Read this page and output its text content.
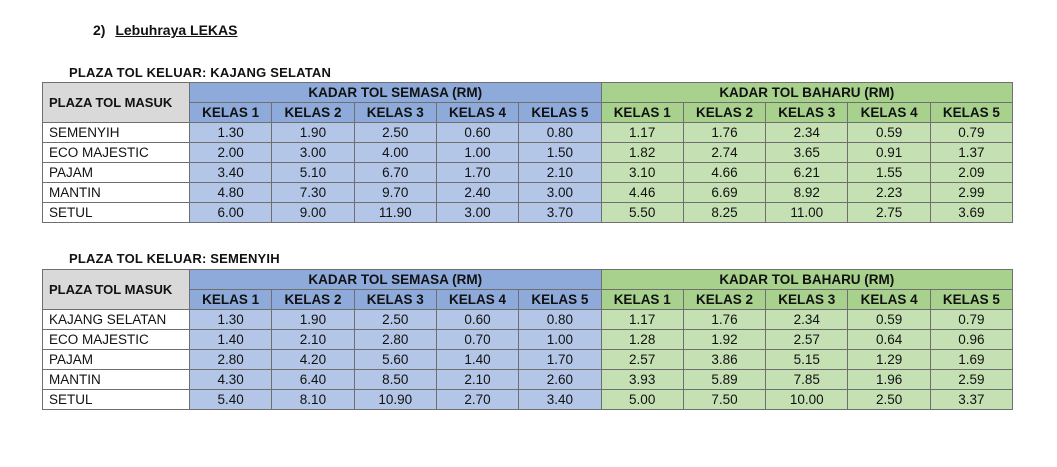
2) Lebuhraya LEKAS
PLAZA TOL KELUAR: KAJANG SELATAN
PLAZA TOL MASUK	KADAR TOL SEMASA (RM)					KADAR TOL BAHARU (RM)				
	KELAS 1	KELAS 2	KELAS 3	KELAS 4	KELAS 5	KELAS 1	KELAS 2	KELAS 3	KELAS 4	KELAS 5
SEMENYIH	1.30	1.90	2.50	0.60	0.80	1.17	1.76	2.34	0.59	0.79
ECO MAJESTIC	2.00	3.00	4.00	1.00	1.50	1.82	2.74	3.65	0.91	1.37
PAJAM	3.40	5.10	6.70	1.70	2.10	3.10	4.66	6.21	1.55	2.09
MANTIN	4.80	7.30	9.70	2.40	3.00	4.46	6.69	8.92	2.23	2.99
SETUL	6.00	9.00	11.90	3.00	3.70	5.50	8.25	11.00	2.75	3.69
PLAZA TOL KELUAR: SEMENYIH
PLAZA TOL MASUK	KADAR TOL SEMASA (RM)					KADAR TOL BAHARU (RM)				
	KELAS 1	KELAS 2	KELAS 3	KELAS 4	KELAS 5	KELAS 1	KELAS 2	KELAS 3	KELAS 4	KELAS 5
KAJANG SELATAN	1.30	1.90	2.50	0.60	0.80	1.17	1.76	2.34	0.59	0.79
ECO MAJESTIC	1.40	2.10	2.80	0.70	1.00	1.28	1.92	2.57	0.64	0.96
PAJAM	2.80	4.20	5.60	1.40	1.70	2.57	3.86	5.15	1.29	1.69
MANTIN	4.30	6.40	8.50	2.10	2.60	3.93	5.89	7.85	1.96	2.59
SETUL	5.40	8.10	10.90	2.70	3.40	5.00	7.50	10.00	2.50	3.37
